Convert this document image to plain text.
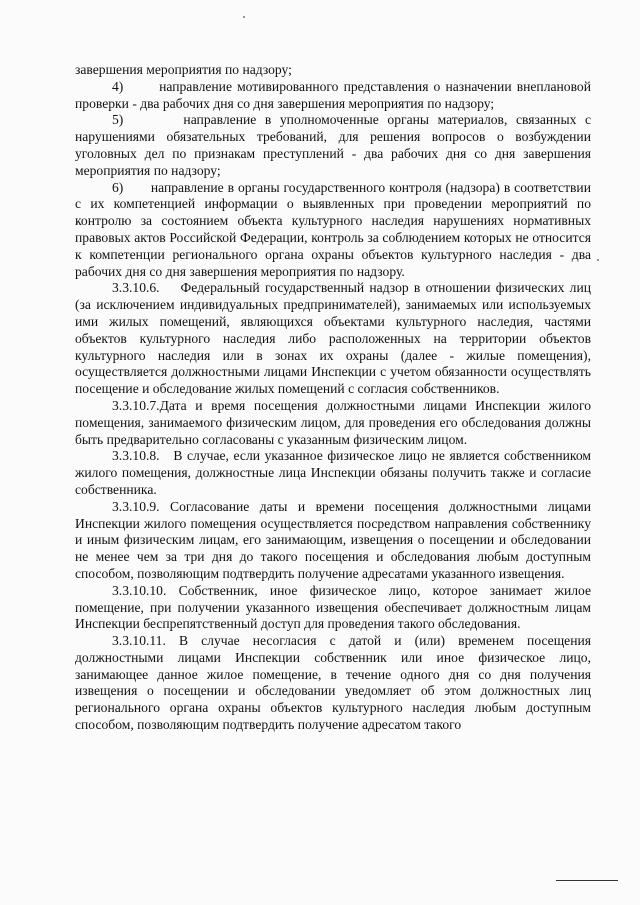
завершения мероприятия по надзору;

4)       направление мотивированного представления о назначении внеплановой проверки - два рабочих дня со дня завершения мероприятия по надзору;

5)       направление в уполномоченные органы материалов, связанных с нарушениями обязательных требований, для решения вопросов о возбуждении уголовных дел по признакам преступлений - два рабочих дня со дня завершения мероприятия по надзору;

6)       направление в органы государственного контроля (надзора) в соответствии с их компетенцией информации о выявленных при проведении мероприятий по контролю за состоянием объекта культурного наследия нарушениях нормативных правовых актов Российской Федерации, контроль за соблюдением которых не относится к компетенции регионального органа охраны объектов культурного наследия - два рабочих дня со дня завершения мероприятия по надзору.

3.3.10.6.    Федеральный государственный надзор в отношении физических лиц (за исключением индивидуальных предпринимателей), занимаемых или используемых ими жилых помещений, являющихся объектами культурного наследия, частями объектов культурного наследия либо расположенных на территории объектов культурного наследия или в зонах их охраны (далее - жилые помещения), осуществляется должностными лицами Инспекции с учетом обязанности осуществлять посещение и обследование жилых помещений с согласия собственников.

3.3.10.7.Дата и время посещения должностными лицами Инспекции жилого помещения, занимаемого физическим лицом, для проведения его обследования должны быть предварительно согласованы с указанным физическим лицом.

3.3.10.8.   В случае, если указанное физическое лицо не является собственником жилого помещения, должностные лица Инспекции обязаны получить также и согласие собственника.

3.3.10.9. Согласование даты и времени посещения должностными лицами Инспекции жилого помещения осуществляется посредством направления собственнику и иным физическим лицам, его занимающим, извещения о посещении и обследовании не менее чем за три дня до такого посещения и обследования любым доступным способом, позволяющим подтвердить получение адресатами указанного извещения.

3.3.10.10. Собственник, иное физическое лицо, которое занимает жилое помещение, при получении указанного извещения обеспечивает должностным лицам Инспекции беспрепятственный доступ для проведения такого обследования.

3.3.10.11. В случае несогласия с датой и (или) временем посещения должностными лицами Инспекции собственник или иное физическое лицо, занимающее данное жилое помещение, в течение одного дня со дня получения извещения о посещении и обследовании уведомляет об этом должностных лиц регионального органа охраны объектов культурного наследия любым доступным способом, позволяющим подтвердить получение адресатом такого
